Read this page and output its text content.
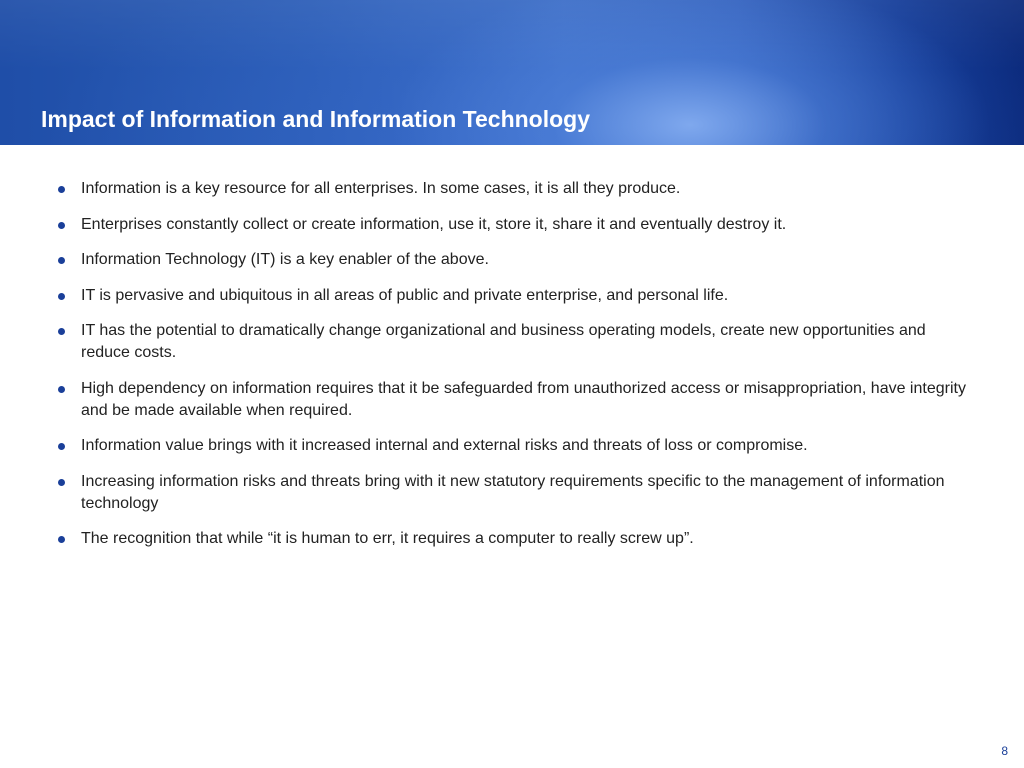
Impact of Information and Information Technology
Information is a key resource for all enterprises. In some cases, it is all they produce.
Enterprises constantly collect or create information, use it, store it, share it and eventually destroy it.
Information Technology (IT) is a key enabler of the above.
IT is pervasive and ubiquitous in all areas of public and private enterprise, and personal life.
IT has the potential to dramatically change organizational and business operating models, create new opportunities and reduce costs.
High dependency on information requires that it be safeguarded from unauthorized access or misappropriation, have integrity and be made available when required.
Information value brings with it increased internal and external risks and threats of loss or compromise.
Increasing information risks and threats bring with it new statutory requirements specific to the management of information technology
The recognition that while “it is human to err, it requires a computer to really screw up”.
8
